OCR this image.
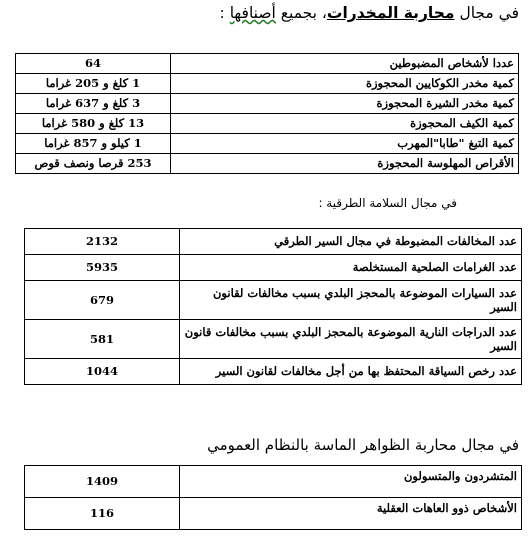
في مجال محاربة المخدرات، بجميع أصنافها :
64	عددا لأشخاص المضبوطين
1 كلغ و 205 غراما	كمية مخدر الكوكايين المحجوزة
3 كلغ و 637 غراما	كمية مخدر الشيرة المحجوزة
13 كلغ و 580 غراما	كمية الكيف المحجوزة
1 كيلو و 857 غراما	كمية التبغ "طابا"المهرب
253 قرصا ونصف قوص	الأقراص المهلوسة المحجوزة
في مجال السلامة الطرقية :
2132	عدد المخالفات المضبوطة في مجال السير الطرقي
5935	عدد الغرامات الصلحية المستخلصة
679	عدد السيارات الموضوعة بالمحجز البلدي بسبب مخالفات لقانون السير
581	عدد الدراجات النارية الموضوعة بالمحجز البلدي بسبب مخالفات قانون السير
1044	عدد رخص السياقة المحتفظ بها من أجل مخالفات لقانون السير
في مجال محاربة الظواهر الماسة بالنظام العمومي
1409	المتشردون والمتسولون
116	الأشخاص ذوو العاهات العقلية
